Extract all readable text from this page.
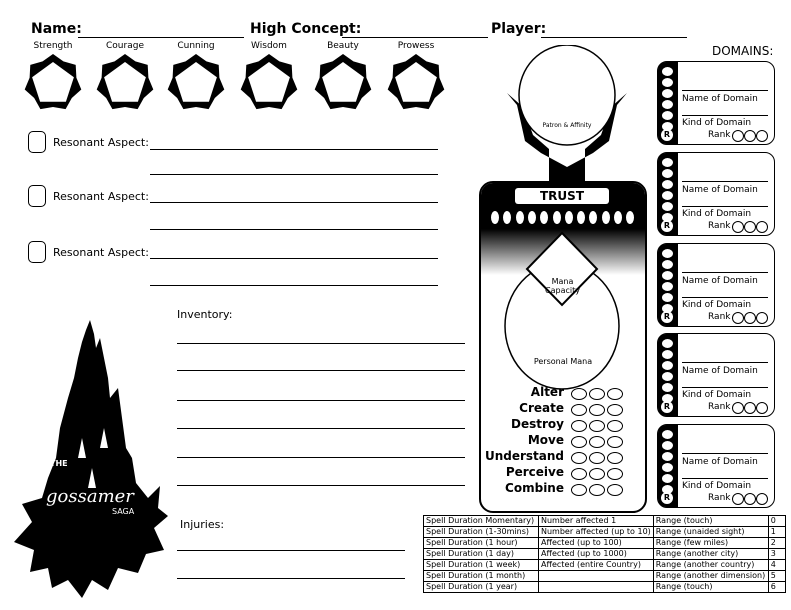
Name:	High Concept:	Player:
Strength	Courage	Cunning	Wisdom	Beauty	Prowess
Resonant Aspect:
Resonant Aspect:
Resonant Aspect:
Inventory:
Injuries:
THE
gossamer
SAGA
Patron & Affinity
TRUST
Mana Capacity
Personal Mana
Alter
Create
Destroy
Move
Understand
Perceive
Combine
DOMAINS:
R
Name of Domain
Kind of Domain
Rank
R
Name of Domain
Kind of Domain
Rank
R
Name of Domain
Kind of Domain
Rank
R
Name of Domain
Kind of Domain
Rank
R
Name of Domain
Kind of Domain
Rank
Spell Duration Momentary)	Number affected 1	Range (touch)	0
Spell Duration (1-30mins)	Number affected (up to 10)	Range (unaided sight)	1
Spell Duration (1 hour)	Affected (up to 100)	Range (few miles)	2
Spell Duration (1 day)	Affected (up to 1000)	Range (another city)	3
Spell Duration (1 week)	Affected (entire Country)	Range (another country)	4
Spell Duration (1 month)		Range (another dimension)	5
Spell Duration (1 year)		Range (touch)	6
